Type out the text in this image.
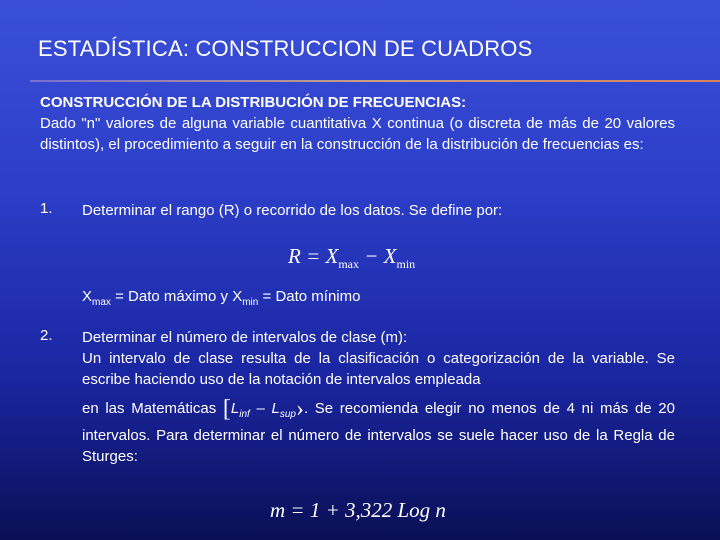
ESTADÍSTICA: CONSTRUCCION DE CUADROS
CONSTRUCCIÓN DE LA DISTRIBUCIÓN DE FRECUENCIAS:
Dado "n" valores de alguna variable cuantitativa X continua (o discreta de más de 20 valores distintos), el procedimiento a seguir en la construcción de la distribución de frecuencias es:
1. Determinar el rango (R) o recorrido de los datos. Se define por:
$R = X_{max} - X_{min}$
$X_{max}$ = Dato máximo y $X_{min}$ = Dato mínimo
2. Determinar el número de intervalos de clase (m):
Un intervalo de clase resulta de la clasificación o categorización de la variable. Se escribe haciendo uso de la notación de intervalos empleada
en las Matemáticas [$L_{inf}$ – $L_{sup}›$. Se recomienda elegir no menos de 4 ni más de 20 intervalos. Para determinar el número de intervalos se suele hacer uso de la Regla de Sturges:
m = 1 + 3,322 Log n
